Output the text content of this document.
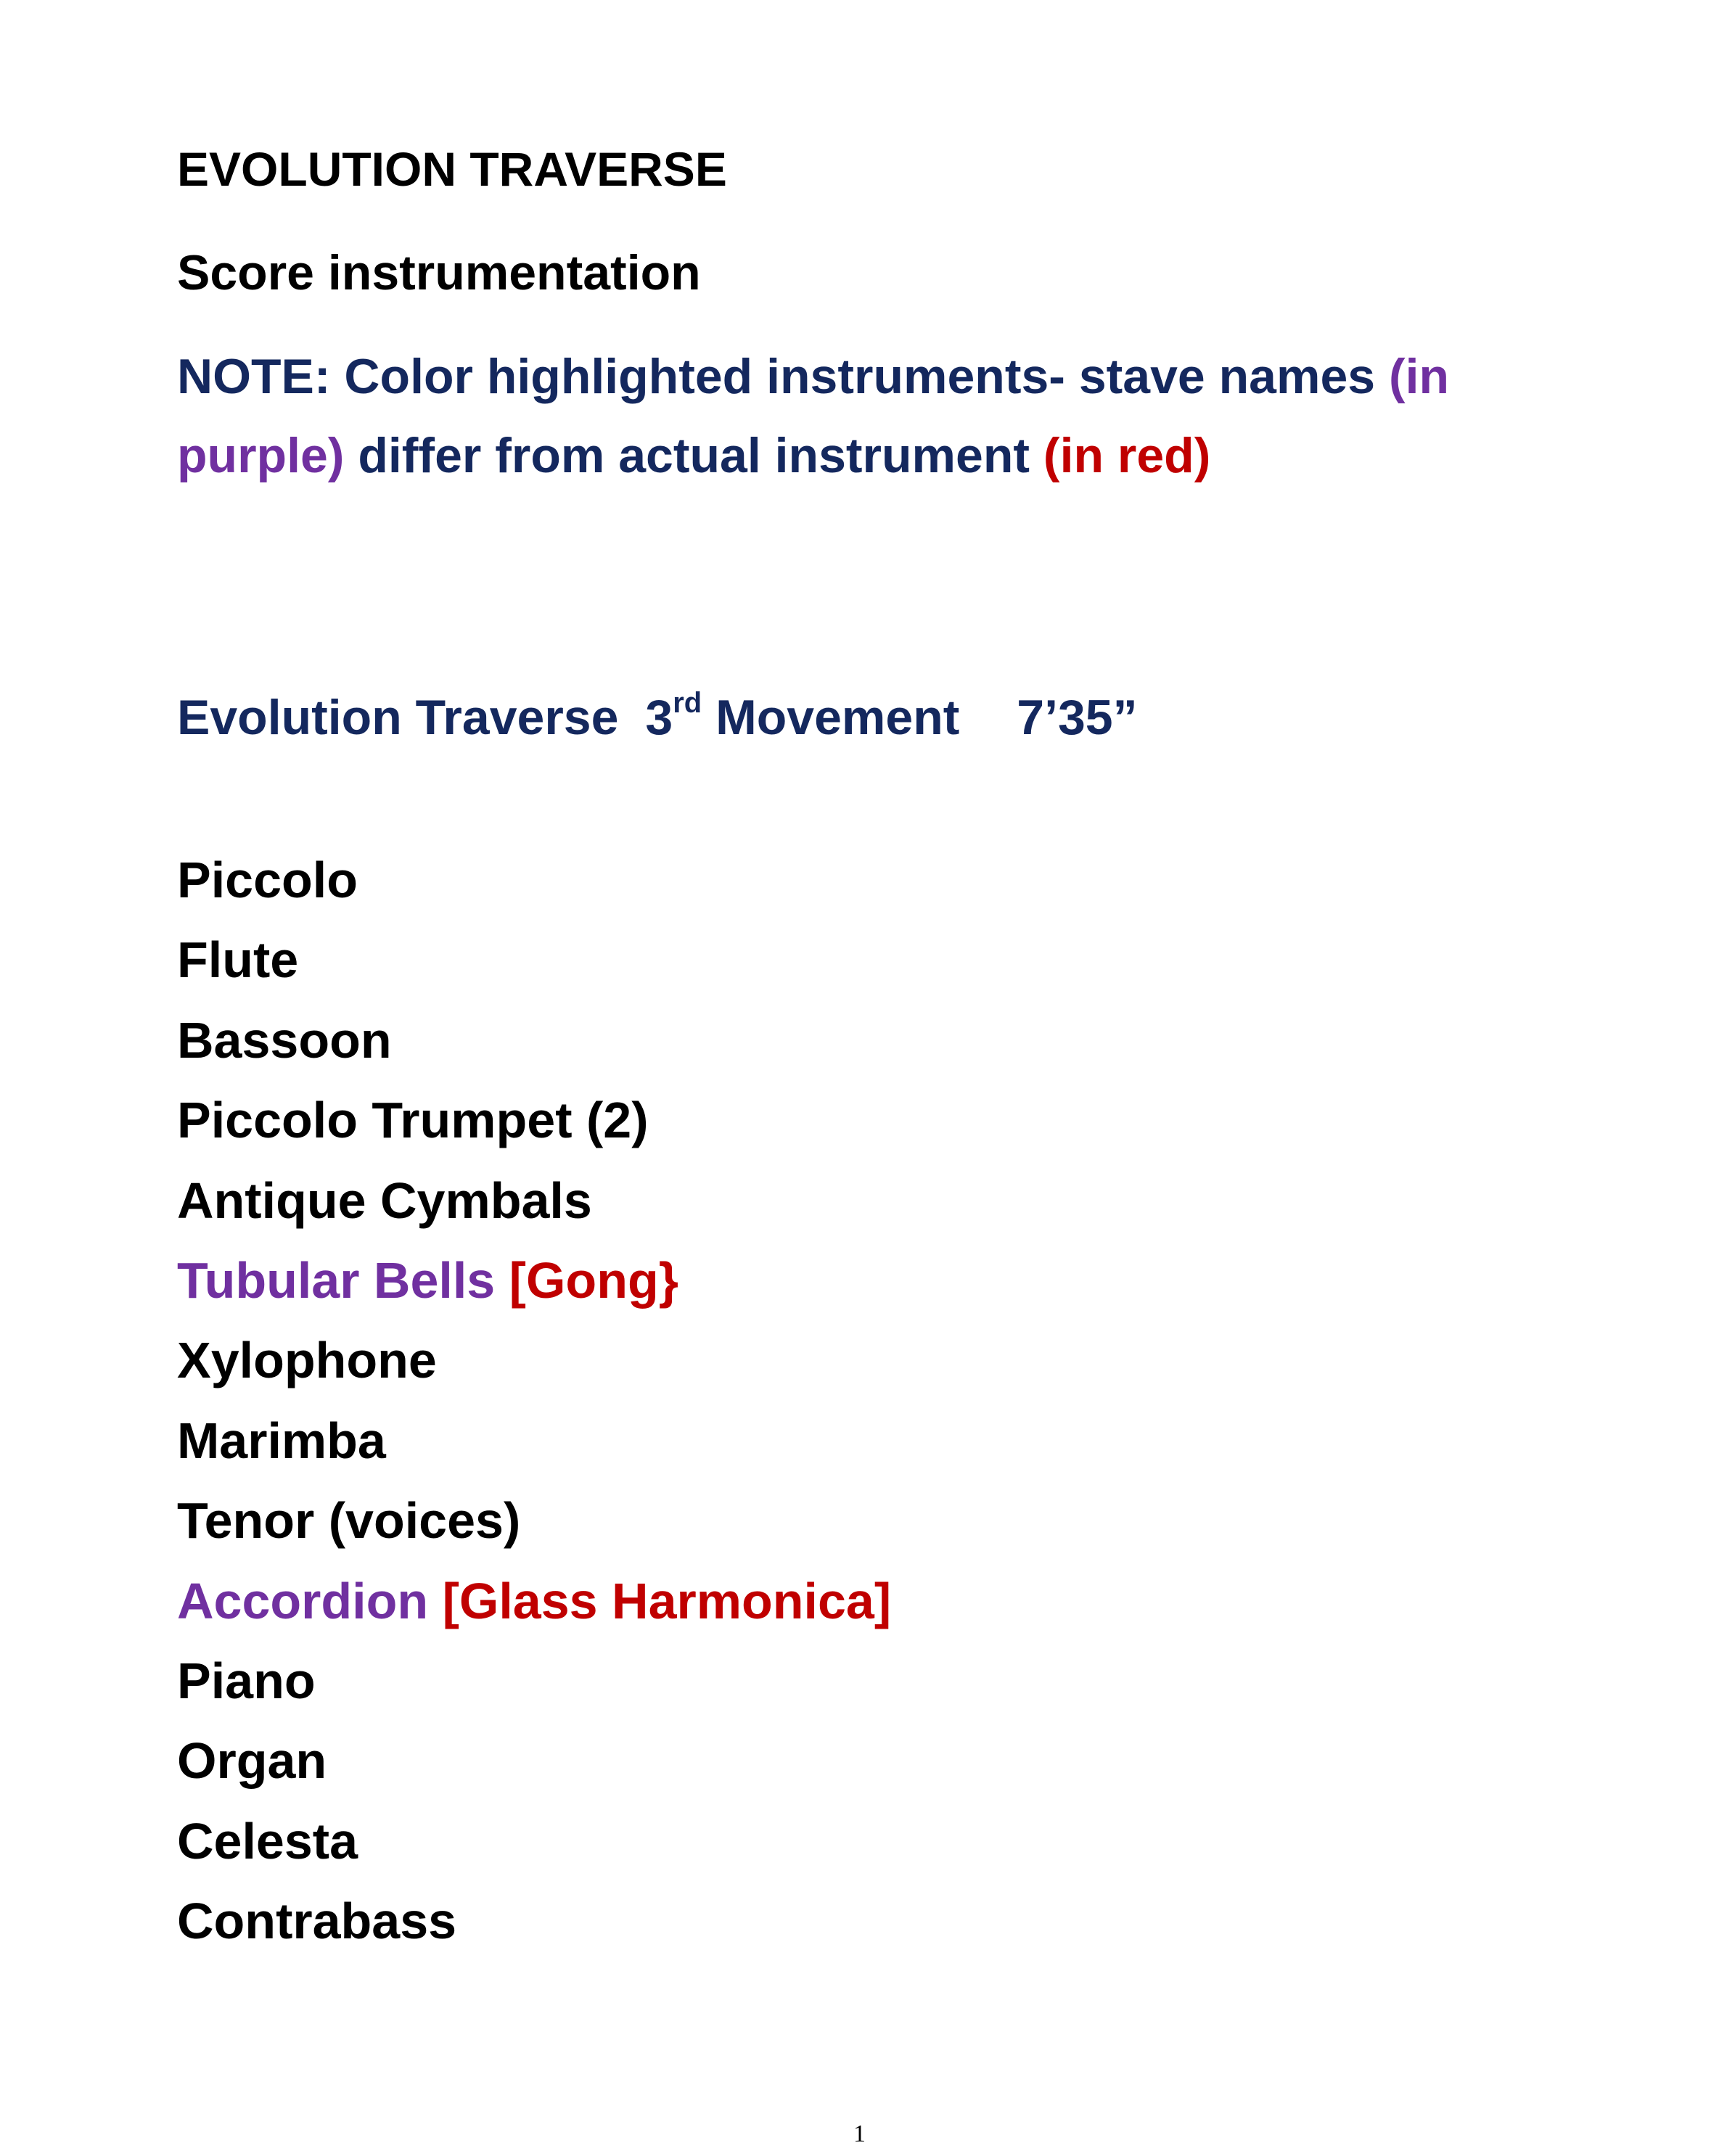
EVOLUTION TRAVERSE
Score instrumentation
NOTE: Color highlighted instruments- stave names (in
purple) differ from actual instrument (in red)
Evolution Traverse 3rd Movement 7’35”
Piccolo
Flute
Bassoon
Piccolo Trumpet (2)
Antique Cymbals
Tubular Bells [Gong}
Xylophone
Marimba
Tenor (voices)
Accordion [Glass Harmonica]
Piano
Organ
Celesta
Contrabass
1
